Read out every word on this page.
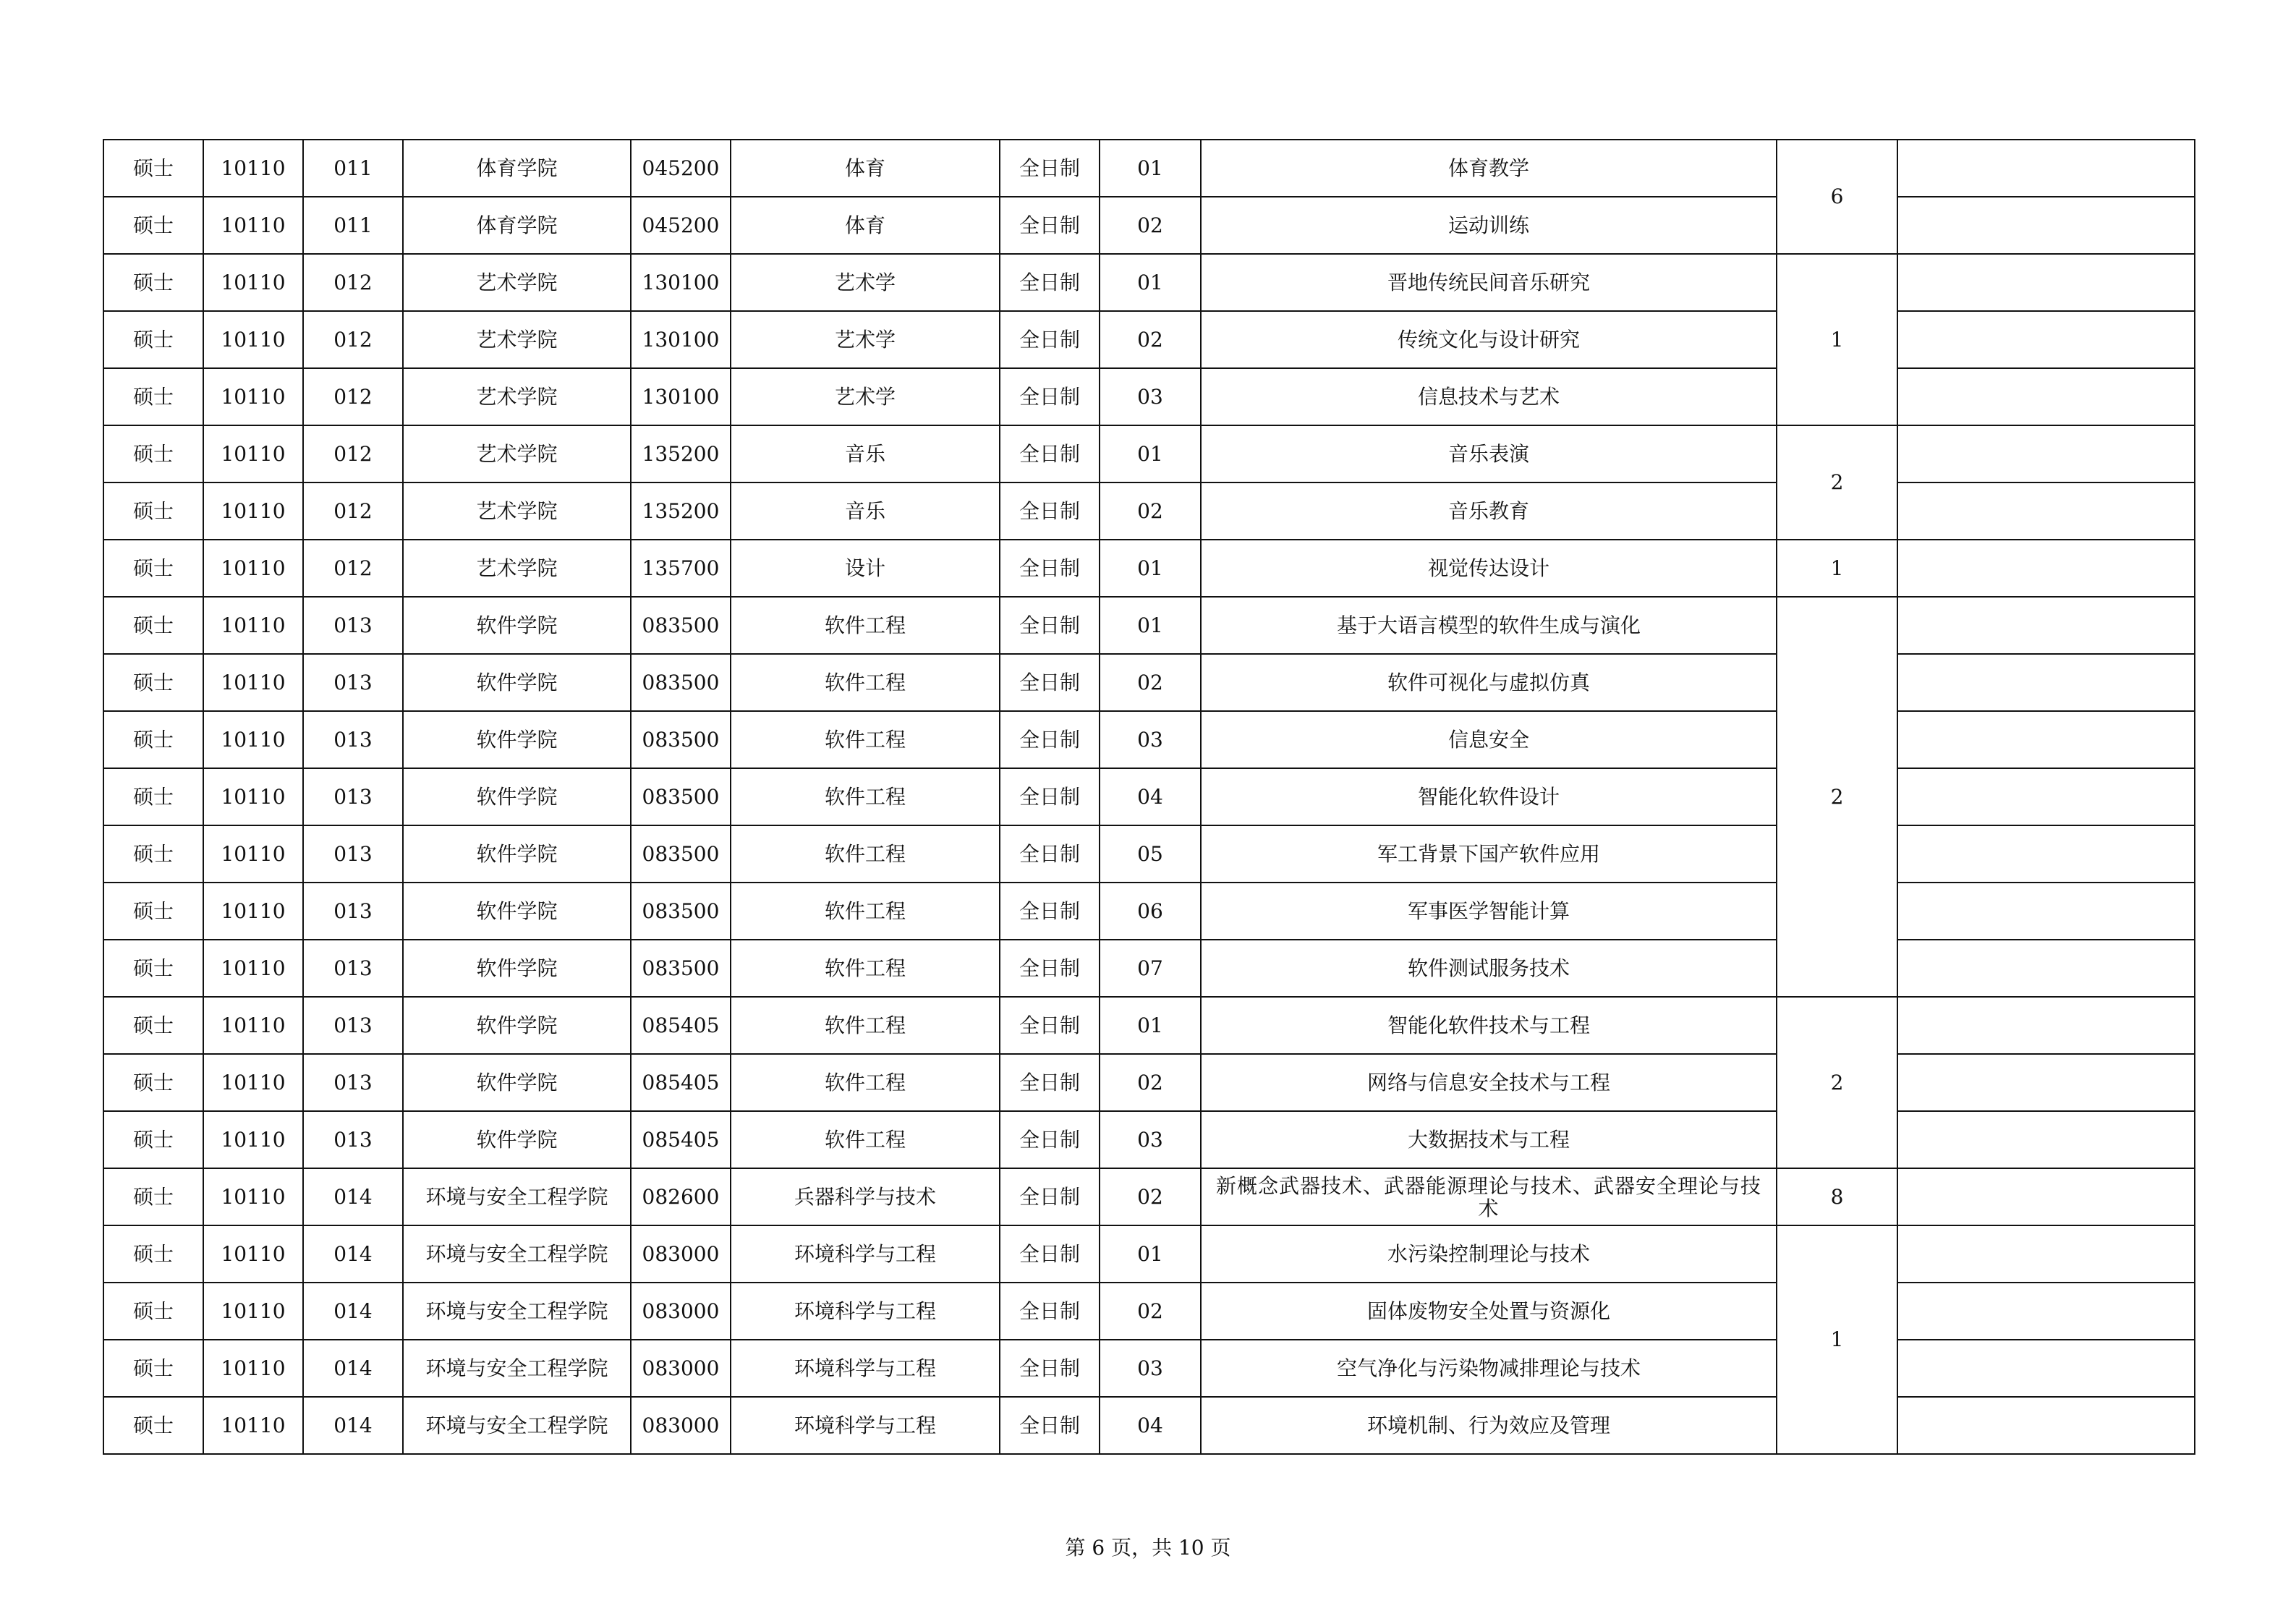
硕士	10110	011	体育学院	045200	体育	全日制	01	体育教学	6	
硕士	10110	011	体育学院	045200	体育	全日制	02	运动训练		
硕士	10110	012	艺术学院	130100	艺术学	全日制	01	晋地传统民间音乐研究	1	
硕士	10110	012	艺术学院	130100	艺术学	全日制	02	传统文化与设计研究		
硕士	10110	012	艺术学院	130100	艺术学	全日制	03	信息技术与艺术		
硕士	10110	012	艺术学院	135200	音乐	全日制	01	音乐表演	2	
硕士	10110	012	艺术学院	135200	音乐	全日制	02	音乐教育		
硕士	10110	012	艺术学院	135700	设计	全日制	01	视觉传达设计	1	
硕士	10110	013	软件学院	083500	软件工程	全日制	01	基于大语言模型的软件生成与演化	2	
硕士	10110	013	软件学院	083500	软件工程	全日制	02	软件可视化与虚拟仿真		
硕士	10110	013	软件学院	083500	软件工程	全日制	03	信息安全		
硕士	10110	013	软件学院	083500	软件工程	全日制	04	智能化软件设计		
硕士	10110	013	软件学院	083500	软件工程	全日制	05	军工背景下国产软件应用		
硕士	10110	013	软件学院	083500	软件工程	全日制	06	军事医学智能计算		
硕士	10110	013	软件学院	083500	软件工程	全日制	07	软件测试服务技术		
硕士	10110	013	软件学院	085405	软件工程	全日制	01	智能化软件技术与工程	2	
硕士	10110	013	软件学院	085405	软件工程	全日制	02	网络与信息安全技术与工程		
硕士	10110	013	软件学院	085405	软件工程	全日制	03	大数据技术与工程		
硕士	10110	014	环境与安全工程学院	082600	兵器科学与技术	全日制	02	新概念武器技术、武器能源理论与技术、武器安全理论与技术	8	
硕士	10110	014	环境与安全工程学院	083000	环境科学与工程	全日制	01	水污染控制理论与技术	1	
硕士	10110	014	环境与安全工程学院	083000	环境科学与工程	全日制	02	固体废物安全处置与资源化		
硕士	10110	014	环境与安全工程学院	083000	环境科学与工程	全日制	03	空气净化与污染物减排理论与技术		
硕士	10110	014	环境与安全工程学院	083000	环境科学与工程	全日制	04	环境机制、行为效应及管理		
第 6 页，共 10 页
